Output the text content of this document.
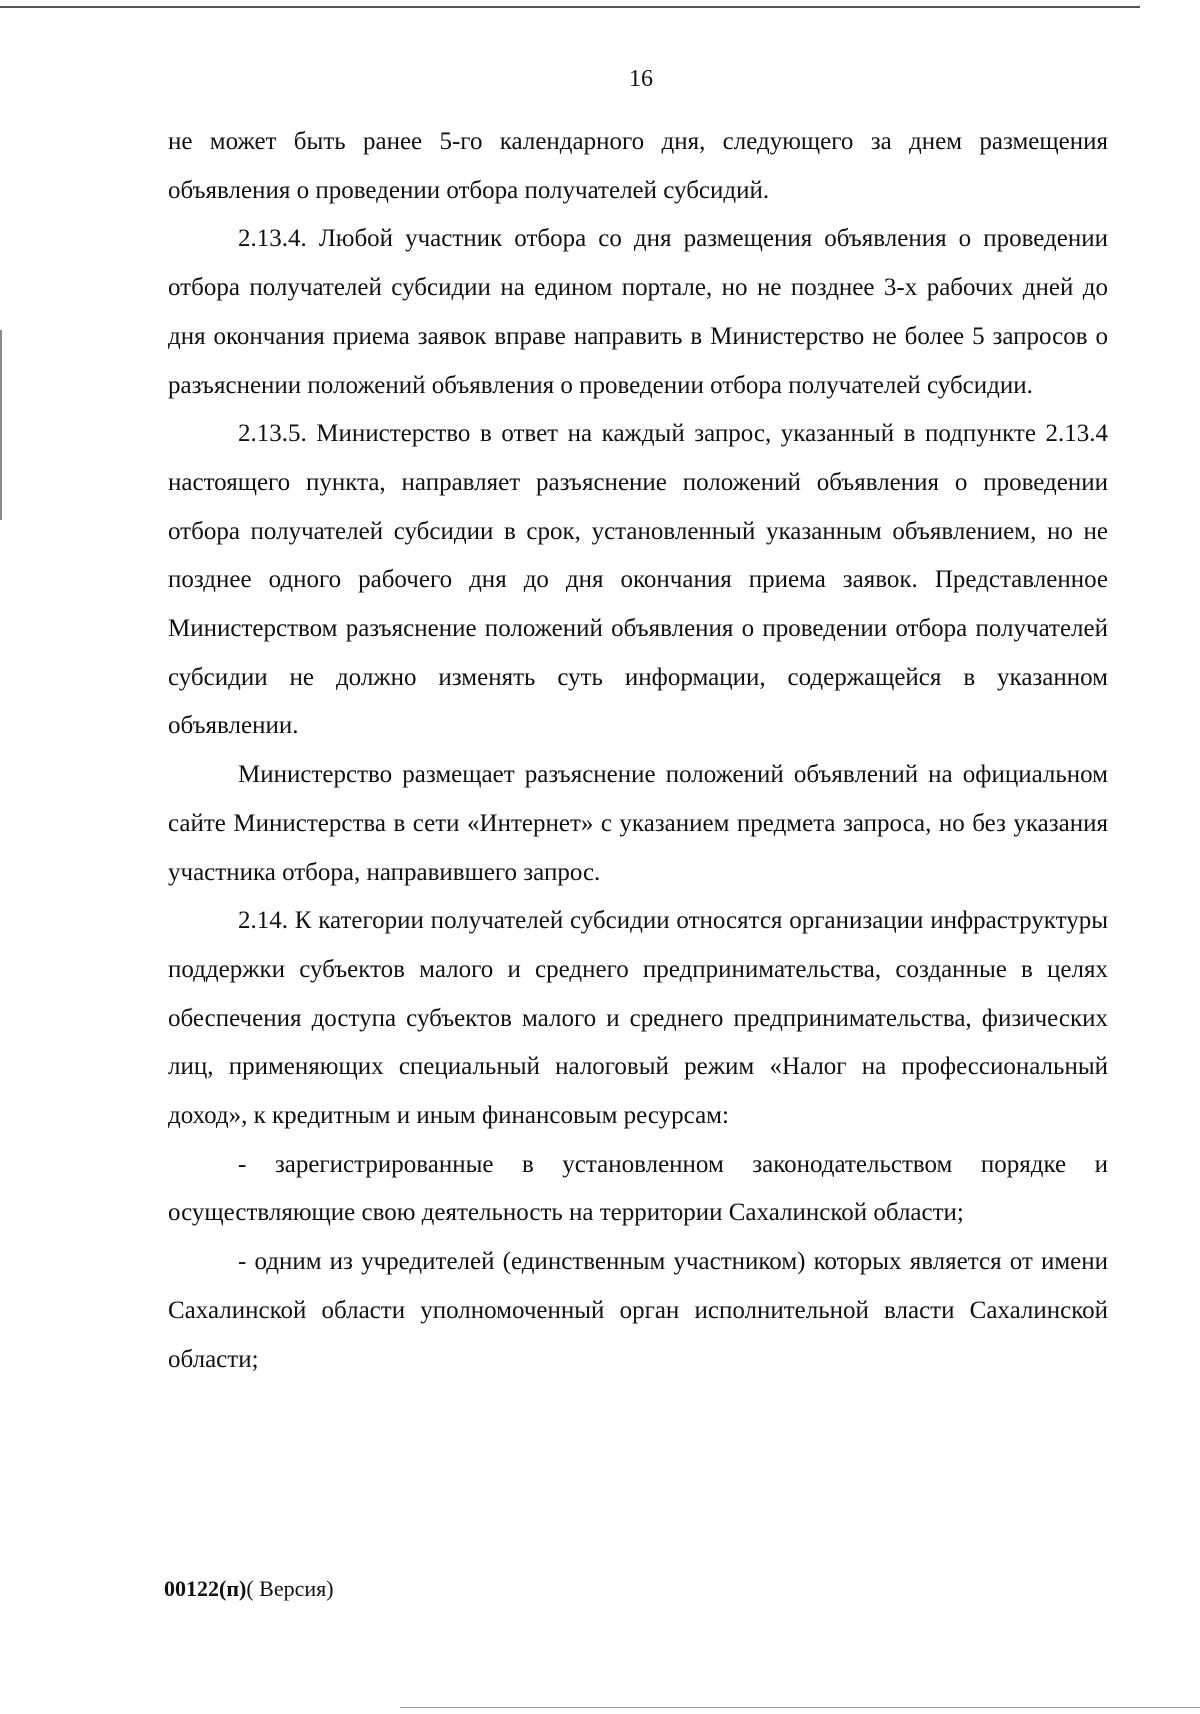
16

не может быть ранее 5-го календарного дня, следующего за днем размещения объявления о проведении отбора получателей субсидий.

2.13.4. Любой участник отбора со дня размещения объявления о проведении отбора получателей субсидии на едином портале, но не позднее 3-х рабочих дней до дня окончания приема заявок вправе направить в Министерство не более 5 запросов о разъяснении положений объявления о проведении отбора получателей субсидии.

2.13.5. Министерство в ответ на каждый запрос, указанный в подпункте 2.13.4 настоящего пункта, направляет разъяснение положений объявления о проведении отбора получателей субсидии в срок, установленный указанным объявлением, но не позднее одного рабочего дня до дня окончания приема заявок. Представленное Министерством разъяснение положений объявления о проведении отбора получателей субсидии не должно изменять суть информации, содержащейся в указанном объявлении.

Министерство размещает разъяснение положений объявлений на официальном сайте Министерства в сети «Интернет» с указанием предмета запроса, но без указания участника отбора, направившего запрос.

2.14. К категории получателей субсидии относятся организации инфраструктуры поддержки субъектов малого и среднего предпринимательства, созданные в целях обеспечения доступа субъектов малого и среднего предпринимательства, физических лиц, применяющих специальный налоговый режим «Налог на профессиональный доход», к кредитным и иным финансовым ресурсам:

- зарегистрированные в установленном законодательством порядке и осуществляющие свою деятельность на территории Сахалинской области;

- одним из учредителей (единственным участником) которых является от имени Сахалинской области уполномоченный орган исполнительной власти Сахалинской области;

00122(п)( Версия)
